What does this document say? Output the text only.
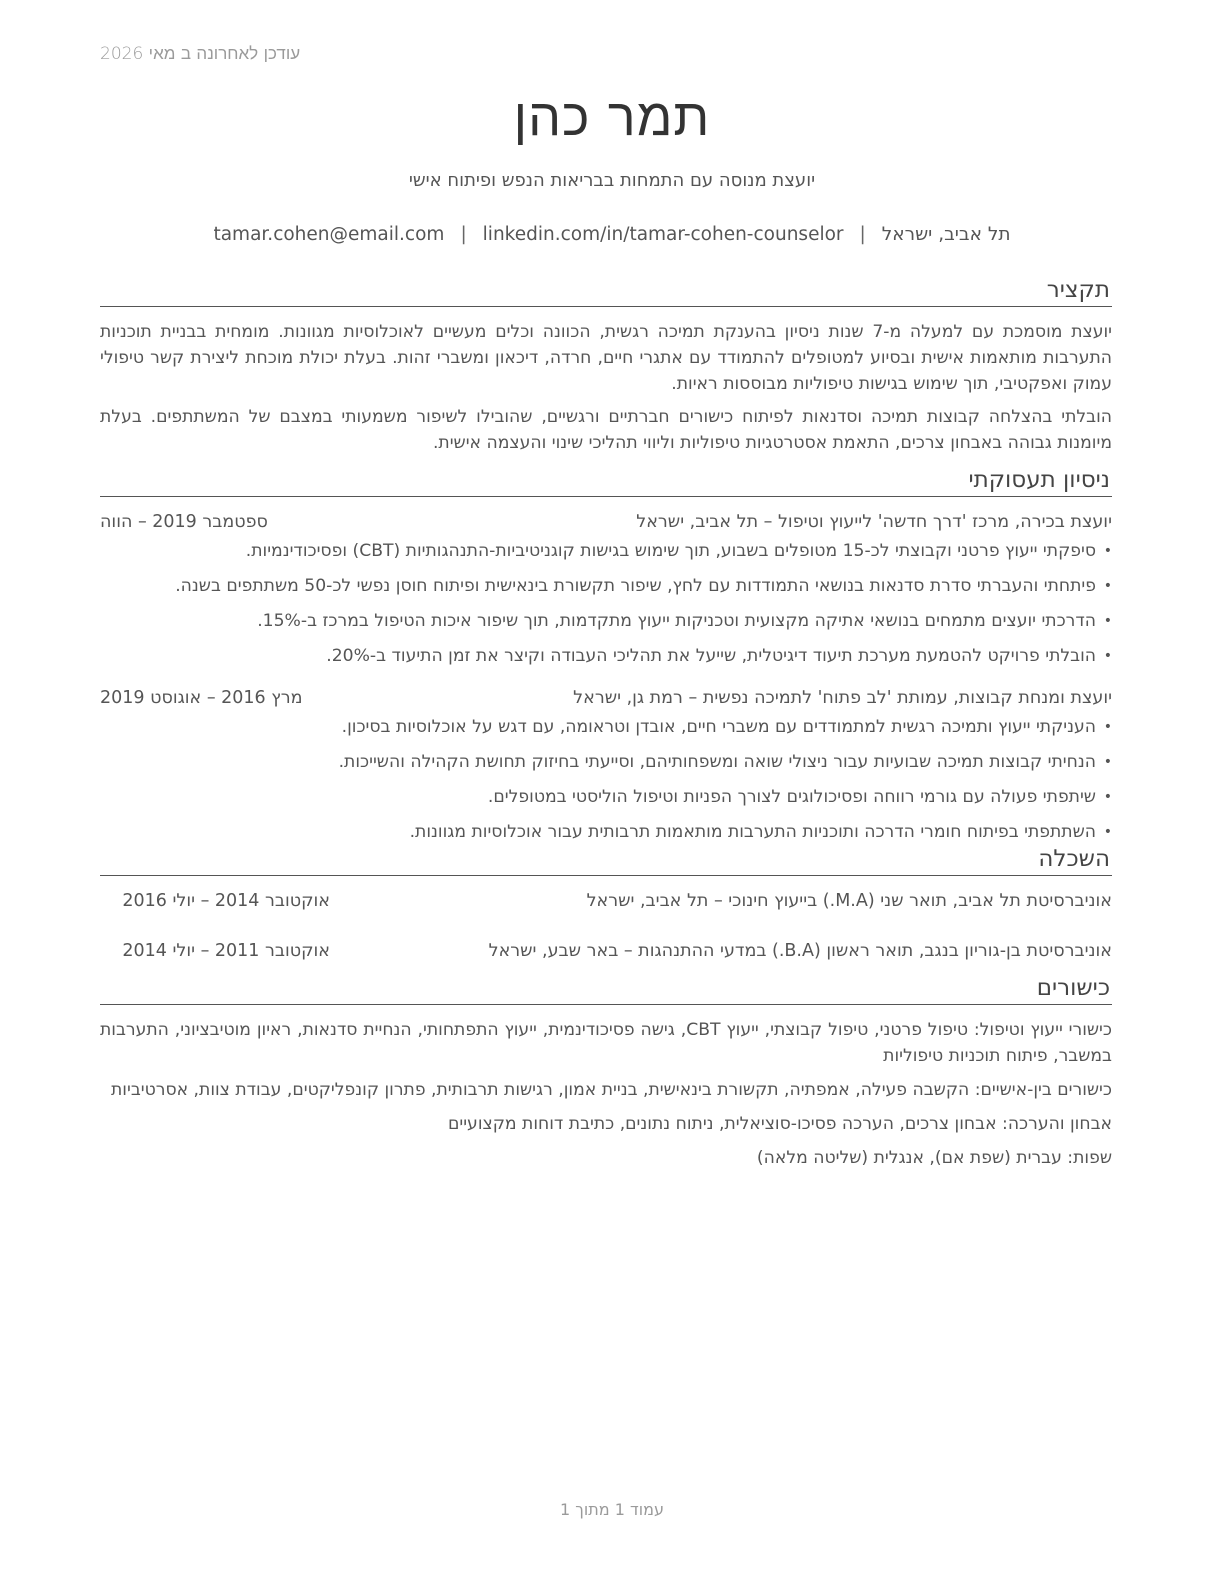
עודכן לאחרונה ב מאי 2026
תמר כהן
יועצת מנוסה עם התמחות בבריאות הנפש ופיתוח אישי
תל אביב, ישראל|tamar.cohen@email.com | linkedin.com/in/tamar-cohen-counselor
תקציר

יועצת מוסמכת עם למעלה מ-7 שנות ניסיון בהענקת תמיכה רגשית, הכוונה וכלים מעשיים לאוכלוסיות מגוונות. מומחית בבניית תוכניות התערבות מותאמות אישית ובסיוע למטופלים להתמודד עם אתגרי חיים, חרדה, דיכאון ומשברי זהות. בעלת יכולת מוכחת ליצירת קשר טיפולי עמוק ואפקטיבי, תוך שימוש בגישות טיפוליות מבוססות ראיות.

הובלתי בהצלחה קבוצות תמיכה וסדנאות לפיתוח כישורים חברתיים ורגשיים, שהובילו לשיפור משמעותי במצבם של המשתתפים. בעלת מיומנות גבוהה באבחון צרכים, התאמת אסטרטגיות טיפוליות וליווי תהליכי שינוי והעצמה אישית.

ניסיון תעסוקתי
יועצת בכירה, מרכז 'דרך חדשה' לייעוץ וטיפול – תל אביב, ישראל
ספטמבר 2019 – הווה
• סיפקתי ייעוץ פרטני וקבוצתי לכ-15 מטופלים בשבוע, תוך שימוש בגישות קוגניטיביות-התנהגותיות (CBT) ופסיכודינמיות.
• פיתחתי והעברתי סדרת סדנאות בנושאי התמודדות עם לחץ, שיפור תקשורת בינאישית ופיתוח חוסן נפשי לכ-50 משתתפים בשנה.
• הדרכתי יועצים מתמחים בנושאי אתיקה מקצועית וטכניקות ייעוץ מתקדמות, תוך שיפור איכות הטיפול במרכז ב-15%.
• הובלתי פרויקט להטמעת מערכת תיעוד דיגיטלית, שייעל את תהליכי העבודה וקיצר את זמן התיעוד ב-20%.
יועצת ומנחת קבוצות, עמותת 'לב פתוח' לתמיכה נפשית – רמת גן, ישראל
מרץ 2016 – אוגוסט 2019
• העניקתי ייעוץ ותמיכה רגשית למתמודדים עם משברי חיים, אובדן וטראומה, עם דגש על אוכלוסיות בסיכון.
• הנחיתי קבוצות תמיכה שבועיות עבור ניצולי שואה ומשפחותיהם, וסייעתי בחיזוק תחושת הקהילה והשייכות.
• שיתפתי פעולה עם גורמי רווחה ופסיכולוגים לצורך הפניות וטיפול הוליסטי במטופלים.
• השתתפתי בפיתוח חומרי הדרכה ותוכניות התערבות מותאמות תרבותית עבור אוכלוסיות מגוונות.
השכלה
אוניברסיטת תל אביב, תואר שני (M.A.) בייעוץ חינוכי – תל אביב, ישראל
אוקטובר 2014 – יולי 2016
אוניברסיטת בן-גוריון בנגב, תואר ראשון (B.A.) במדעי ההתנהגות – באר שבע, ישראל
אוקטובר 2011 – יולי 2014
כישורים

כישורי ייעוץ וטיפול: טיפול פרטני, טיפול קבוצתי, ייעוץ CBT, גישה פסיכודינמית, ייעוץ התפתחותי, הנחיית סדנאות, ראיון מוטיבציוני, התערבות במשבר, פיתוח תוכניות טיפוליות

כישורים בין-אישיים: הקשבה פעילה, אמפתיה, תקשורת בינאישית, בניית אמון, רגישות תרבותית, פתרון קונפליקטים, עבודת צוות, אסרטיביות

אבחון והערכה: אבחון צרכים, הערכה פסיכו-סוציאלית, ניתוח נתונים, כתיבת דוחות מקצועיים

שפות: עברית (שפת אם), אנגלית (שליטה מלאה)

עמוד 1 מתוך 1
